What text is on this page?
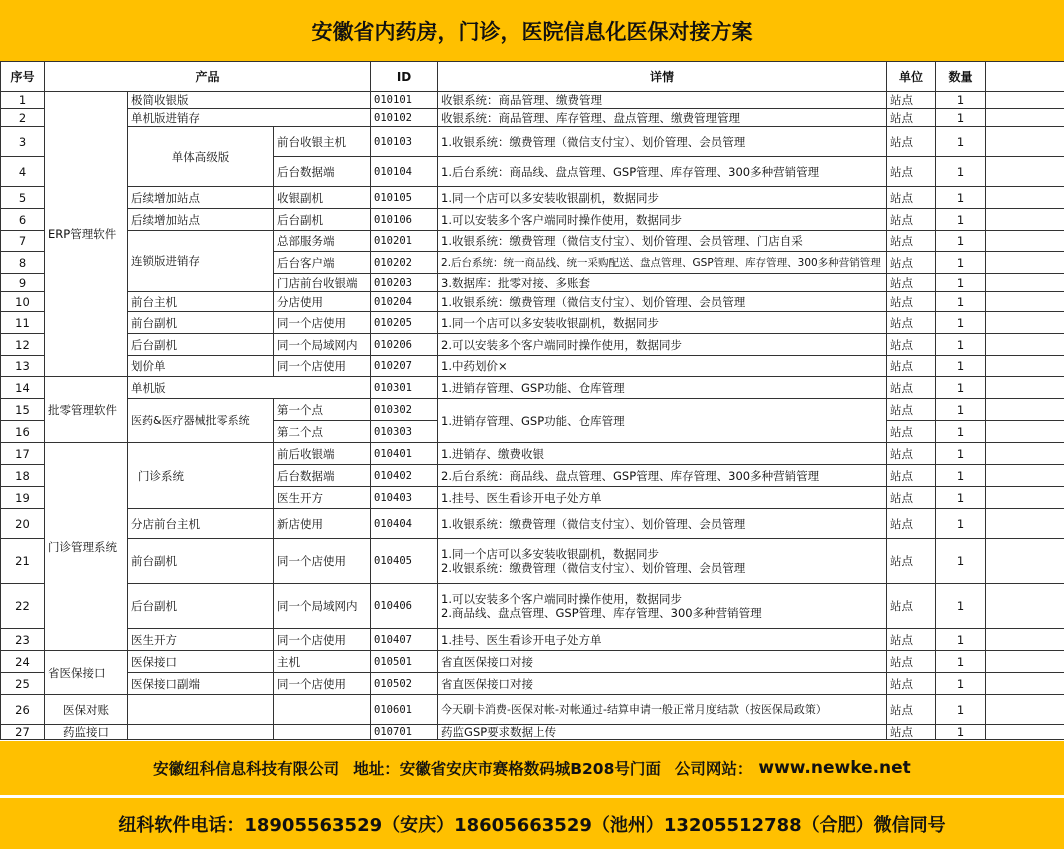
安徽省内药房，门诊，医院信息化医保对接方案
序号	产品			ID	详情	单位	数量	
1	ERP管理软件	极简收银版		010101	收银系统：商品管理、缴费管理	站点	1	
2		单机版进销存		010102	收银系统：商品管理、库存管理、盘点管理、缴费管理管理	站点	1	
3		单体高级版	前台收银主机	010103	1.收银系统：缴费管理（微信支付宝）、划价管理、会员管理	站点	1	
4			后台数据端	010104	1.后台系统：商品线、盘点管理、GSP管理、库存管理、300多种营销管理	站点	1	
5		后续增加站点	收银副机	010105	1.同一个店可以多安装收银副机，数据同步	站点	1	
6		后续增加站点	后台副机	010106	1.可以安装多个客户端同时操作使用，数据同步	站点	1	
7		连锁版进销存	总部服务端	010201	1.收银系统：缴费管理（微信支付宝）、划价管理、会员管理、门店自采	站点	1	
8			后台客户端	010202	2.后台系统：统一商品线、统一采购配送、盘点管理、GSP管理、库存管理、300多种营销管理	站点	1	
9			门店前台收银端	010203	3.数据库：批零对接、多账套	站点	1	
10		前台主机	分店使用	010204	1.收银系统：缴费管理（微信支付宝）、划价管理、会员管理	站点	1	
11		前台副机	同一个店使用	010205	1.同一个店可以多安装收银副机，数据同步	站点	1	
12		后台副机	同一个局域网内	010206	2.可以安装多个客户端同时操作使用，数据同步	站点	1	
13		划价单	同一个店使用	010207	1.中药划价×	站点	1	
14	批零管理软件	单机版		010301	1.进销存管理、GSP功能、仓库管理	站点	1	
15		医药&医疗器械批零系统	第一个点	010302	1.进销存管理、GSP功能、仓库管理	站点	1	
16			第二个点	010303		站点	1	
17	门诊管理系统	门诊系统	前后收银端	010401	1.进销存、缴费收银	站点	1	
18			后台数据端	010402	2.后台系统：商品线、盘点管理、GSP管理、库存管理、300多种营销管理	站点	1	
19			医生开方	010403	1.挂号、医生看诊开电子处方单	站点	1	
20		分店前台主机	新店使用	010404	1.收银系统：缴费管理（微信支付宝）、划价管理、会员管理	站点	1	
21		前台副机	同一个店使用	010405	1.同一个店可以多安装收银副机，数据同步
2.收银系统：缴费管理（微信支付宝）、划价管理、会员管理	站点	1	
22		后台副机	同一个局域网内	010406	1.可以安装多个客户端同时操作使用，数据同步
2.商品线、盘点管理、GSP管理、库存管理、300多种营销管理	站点	1	
23		医生开方	同一个店使用	010407	1.挂号、医生看诊开电子处方单	站点	1	
24	省医保接口	医保接口	主机	010501	省直医保接口对接	站点	1	
25		医保接口副端	同一个店使用	010502	省直医保接口对接	站点	1	
26	医保对账			010601	今天刷卡消费-医保对帐-对帐通过-结算申请一般正常月度结款（按医保局政策）	站点	1	
27	药监接口			010701	药监GSP要求数据上传	站点	1	
安徽纽科信息科技有限公司 地址： 安徽省安庆市赛格数码城B208号门面 公司网站： www.newke.net
纽科软件电话：18905563529（安庆）18605663529（池州）13205512788（合肥）微信同号
